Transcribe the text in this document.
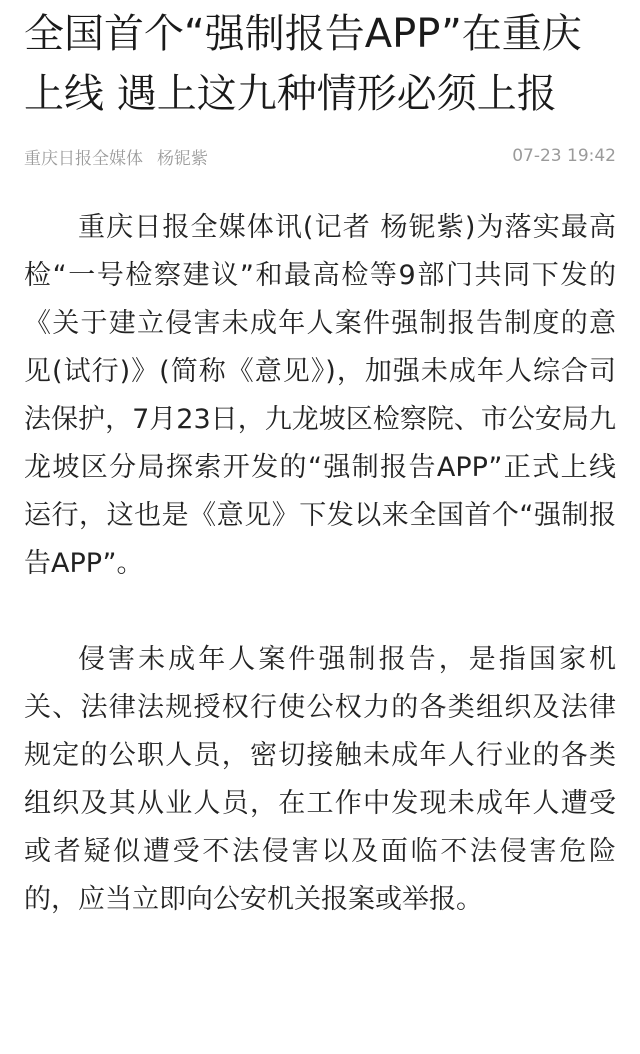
全国首个“强制报告APP”在重庆上线 遇上这九种情形必须上报
重庆日报全媒体 杨铌紫	07-23 19:42

重庆日报全媒体讯(记者 杨铌紫)为落实最高检“一号检察建议”和最高检等9部门共同下发的《关于建立侵害未成年人案件强制报告制度的意见(试行)》(简称《意见》)，加强未成年人综合司法保护，7月23日，九龙坡区检察院、市公安局九龙坡区分局探索开发的“强制报告APP”正式上线运行，这也是《意见》下发以来全国首个“强制报告APP”。

侵害未成年人案件强制报告，是指国家机关、法律法规授权行使公权力的各类组织及法律规定的公职人员，密切接触未成年人行业的各类组织及其从业人员，在工作中发现未成年人遭受或者疑似遭受不法侵害以及面临不法侵害危险的，应当立即向公安机关报案或举报。
